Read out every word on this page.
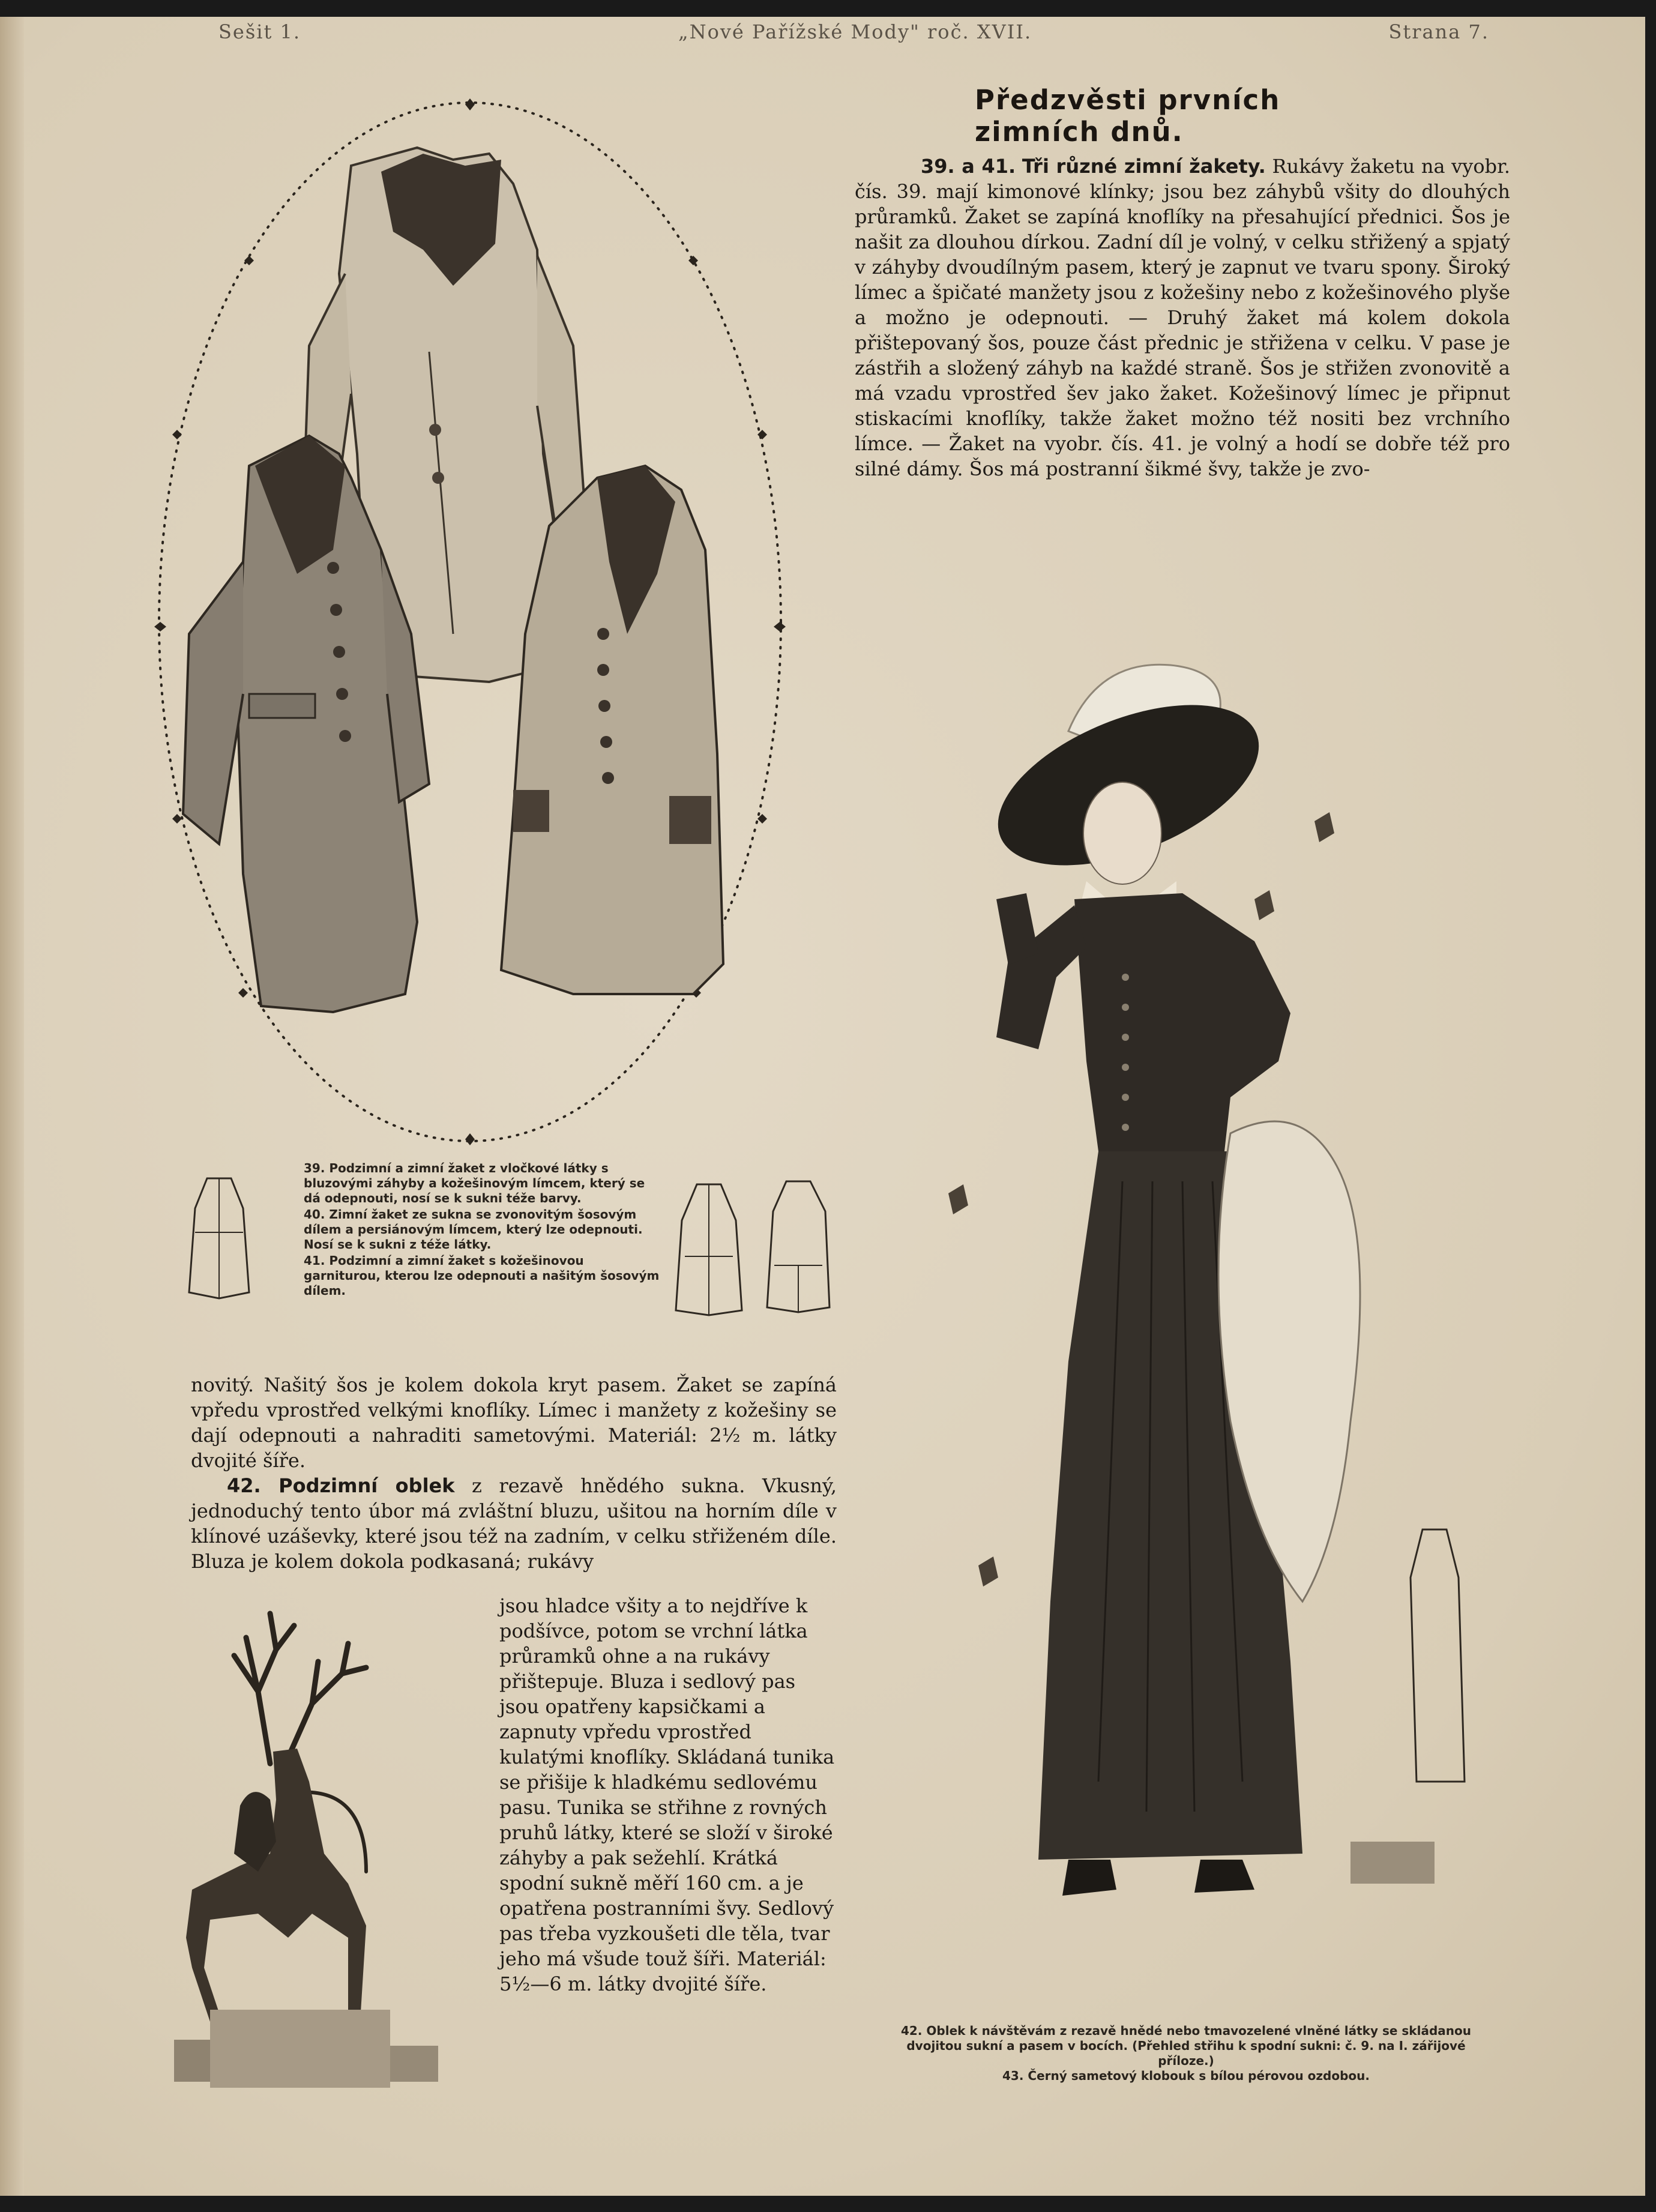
Sešit 1.	„Nové Pařížské Mody" roč. XVII.	Strana 7.
Předzvěsti prvních zimních dnů.

39. a 41. Tři různé zimní žakety. Rukávy žaketu na vyobr. čís. 39. mají kimonové klínky; jsou bez záhybů všity do dlouhých průramků. Žaket se zapíná knoflíky na přesahující přednici. Šos je našit za dlouhou dírkou. Zadní díl je volný, v celku střižený a spjatý v záhyby dvoudílným pasem, který je zapnut ve tvaru spony. Široký límec a špičaté manžety jsou z kožešiny nebo z kožešinového plyše a možno je odepnouti. — Druhý žaket má kolem dokola přištepovaný šos, pouze část přednic je střižena v celku. V pase je zástřih a složený záhyb na každé straně. Šos je střižen zvonovitě a má vzadu vprostřed šev jako žaket. Kožešinový límec je připnut stiskacími knoflíky, takže žaket možno též nositi bez vrchního límce. — Žaket na vyobr. čís. 41. je volný a hodí se dobře též pro silné dámy. Šos má postranní šikmé švy, takže je zvo-

39. Podzimní a zimní žaket z vločkové látky s bluzovými záhyby a kožešinovým límcem, který se dá odepnouti, nosí se k sukni téže barvy.

40. Zimní žaket ze sukna se zvonovitým šosovým dílem a persiánovým límcem, který lze odepnouti. Nosí se k sukni z téže látky.

41. Podzimní a zimní žaket s kožešinovou garniturou, kterou lze odepnouti a našitým šosovým dílem.

novitý. Našitý šos je kolem dokola kryt pasem. Žaket se zapíná vpředu vprostřed velkými knoflíky. Límec i manžety z kožešiny se dají odepnouti a nahraditi sametovými. Materiál: 2½ m. látky dvojité šíře.

42. Podzimní oblek z rezavě hnědého sukna. Vkusný, jednoduchý tento úbor má zvláštní bluzu, ušitou na horním díle v klínové uzáševky, které jsou též na zadním, v celku střiženém díle. Bluza je kolem dokola podkasaná; rukávy

jsou hladce všity a to nejdříve k podšívce, potom se vrchní látka průramků ohne a na rukávy přištepuje. Bluza i sedlový pas jsou opatřeny kapsičkami a zapnuty vpředu vprostřed kulatými knoflíky. Skládaná tunika se přišije k hladkému sedlovému pasu. Tunika se střihne z rovných pruhů látky, které se složí v široké záhyby a pak sežehlí. Krátká spodní sukně měří 160 cm. a je opatřena postranními švy. Sedlový pas třeba vyzkoušeti dle těla, tvar jeho má všude touž šíři. Materiál: 5½—6 m. látky dvojité šíře.

42. Oblek k návštěvám z rezavě hnědé nebo tmavozelené vlněné látky se skládanou dvojitou sukní a pasem v bocích. (Přehled střihu k spodní sukni: č. 9. na I. zářijové příloze.)

43. Černý sametový klobouk s bílou pérovou ozdobou.
